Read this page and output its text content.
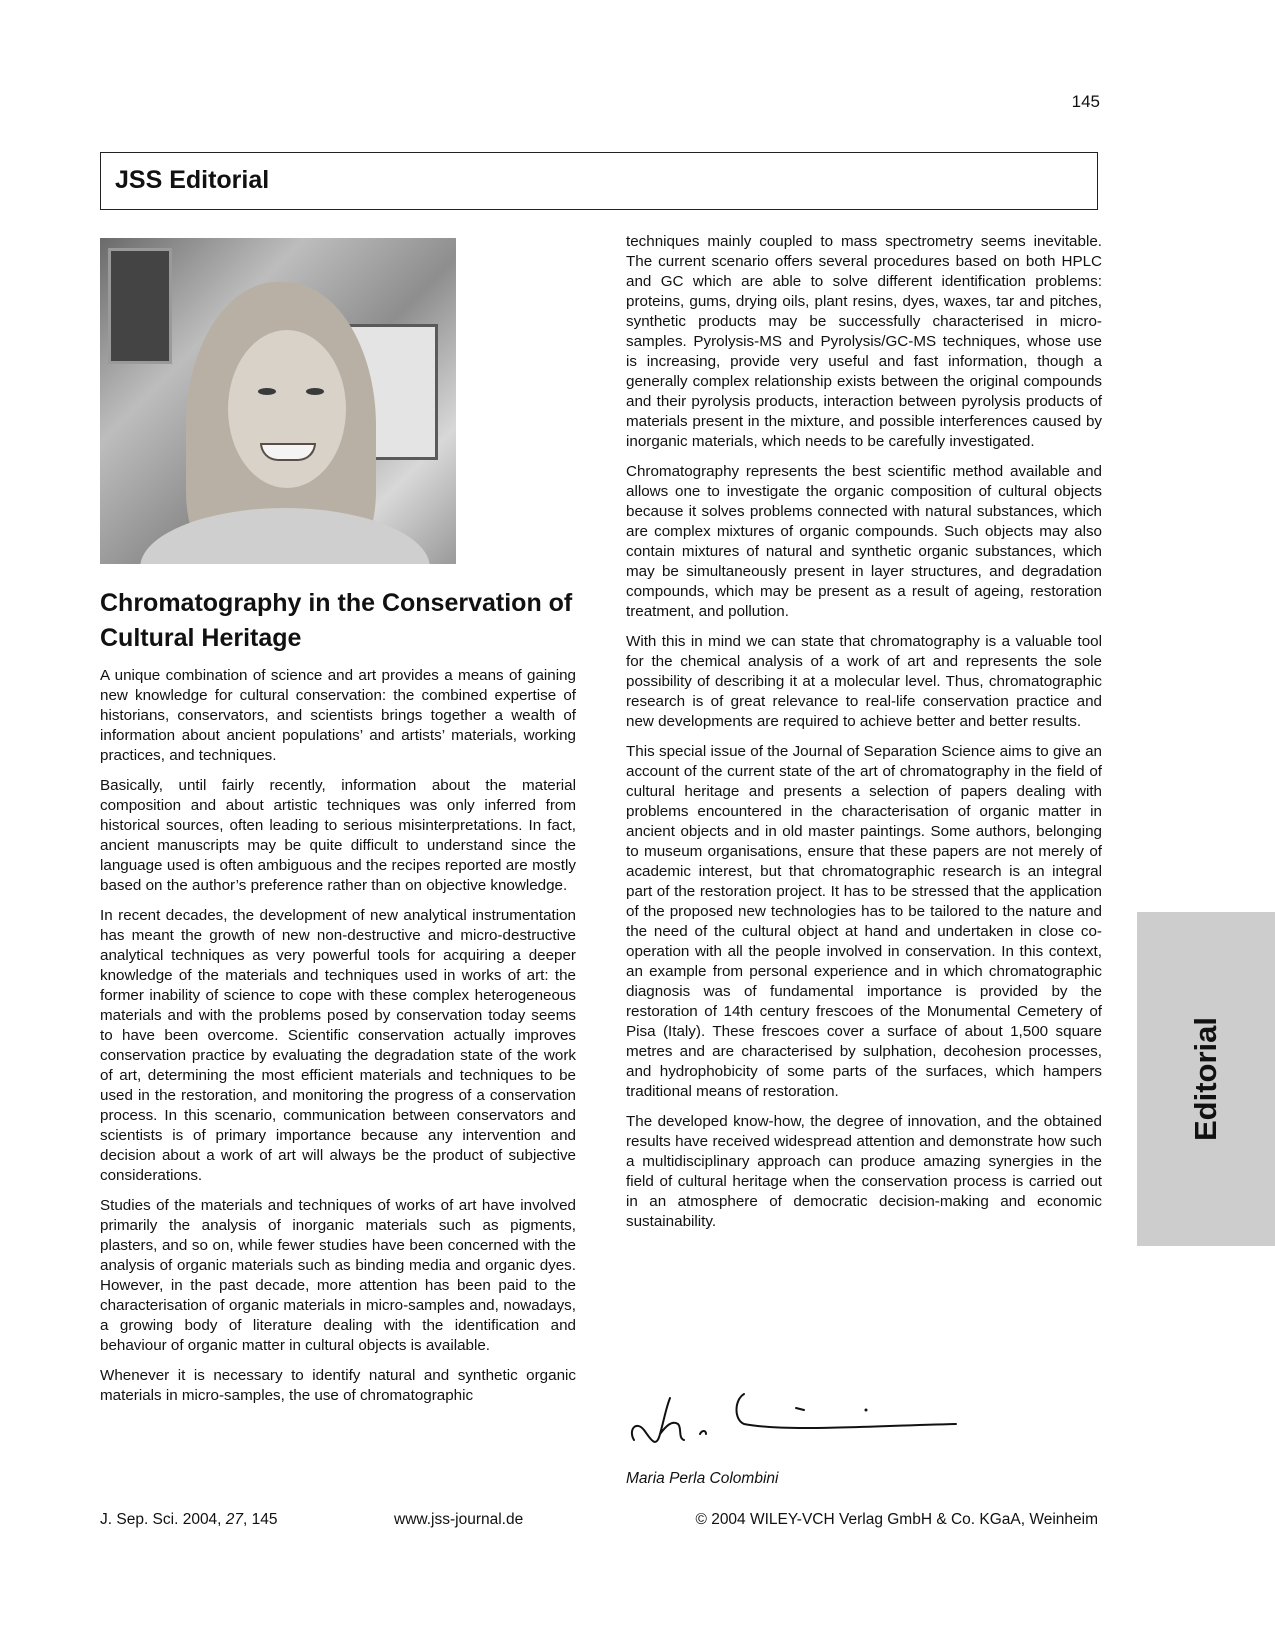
145
JSS Editorial
Chromatography in the Conservation of Cultural Heritage

A unique combination of science and art provides a means of gaining new knowledge for cultural conservation: the combined expertise of historians, conservators, and scientists brings together a wealth of information about ancient populations’ and artists’ materials, working practices, and techniques.

Basically, until fairly recently, information about the material composition and about artistic techniques was only inferred from historical sources, often leading to serious misinterpretations. In fact, ancient manuscripts may be quite difficult to understand since the language used is often ambiguous and the recipes reported are mostly based on the author’s preference rather than on objective knowledge.

In recent decades, the development of new analytical instrumentation has meant the growth of new non-destructive and micro-destructive analytical techniques as very powerful tools for acquiring a deeper knowledge of the materials and techniques used in works of art: the former inability of science to cope with these complex heterogeneous materials and with the problems posed by conservation today seems to have been overcome. Scientific conservation actually improves conservation practice by evaluating the degradation state of the work of art, determining the most efficient materials and techniques to be used in the restoration, and monitoring the progress of a conservation process. In this scenario, communication between conservators and scientists is of primary importance because any intervention and decision about a work of art will always be the product of subjective considerations.

Studies of the materials and techniques of works of art have involved primarily the analysis of inorganic materials such as pigments, plasters, and so on, while fewer studies have been concerned with the analysis of organic materials such as binding media and organic dyes. However, in the past decade, more attention has been paid to the characterisation of organic materials in micro-samples and, nowadays, a growing body of literature dealing with the identification and behaviour of organic matter in cultural objects is available.

Whenever it is necessary to identify natural and synthetic organic materials in micro-samples, the use of chromatographic

techniques mainly coupled to mass spectrometry seems inevitable. The current scenario offers several procedures based on both HPLC and GC which are able to solve different identification problems: proteins, gums, drying oils, plant resins, dyes, waxes, tar and pitches, synthetic products may be successfully characterised in micro-samples. Pyrolysis-MS and Pyrolysis/GC-MS techniques, whose use is increasing, provide very useful and fast information, though a generally complex relationship exists between the original compounds and their pyrolysis products, interaction between pyrolysis products of materials present in the mixture, and possible interferences caused by inorganic materials, which needs to be carefully investigated.

Chromatography represents the best scientific method available and allows one to investigate the organic composition of cultural objects because it solves problems connected with natural substances, which are complex mixtures of organic compounds. Such objects may also contain mixtures of natural and synthetic organic substances, which may be simultaneously present in layer structures, and degradation compounds, which may be present as a result of ageing, restoration treatment, and pollution.

With this in mind we can state that chromatography is a valuable tool for the chemical analysis of a work of art and represents the sole possibility of describing it at a molecular level. Thus, chromatographic research is of great relevance to real-life conservation practice and new developments are required to achieve better and better results.

This special issue of the Journal of Separation Science aims to give an account of the current state of the art of chromatography in the field of cultural heritage and presents a selection of papers dealing with problems encountered in the characterisation of organic matter in ancient objects and in old master paintings. Some authors, belonging to museum organisations, ensure that these papers are not merely of academic interest, but that chromatographic research is an integral part of the restoration project. It has to be stressed that the application of the proposed new technologies has to be tailored to the nature and the need of the cultural object at hand and undertaken in close co-operation with all the people involved in conservation. In this context, an example from personal experience and in which chromatographic diagnosis was of fundamental importance is provided by the restoration of 14th century frescoes of the Monumental Cemetery of Pisa (Italy). These frescoes cover a surface of about 1,500 square metres and are characterised by sulphation, decohesion processes, and hydrophobicity of some parts of the surfaces, which hampers traditional means of restoration.

The developed know-how, the degree of innovation, and the obtained results have received widespread attention and demonstrate how such a multidisciplinary approach can produce amazing synergies in the field of cultural heritage when the conservation process is carried out in an atmosphere of democratic decision-making and economic sustainability.

Maria Perla Colombini
J. Sep. Sci. 2004, 27, 145	www.jss-journal.de	© 2004 WILEY-VCH Verlag GmbH & Co. KGaA, Weinheim
Editorial
